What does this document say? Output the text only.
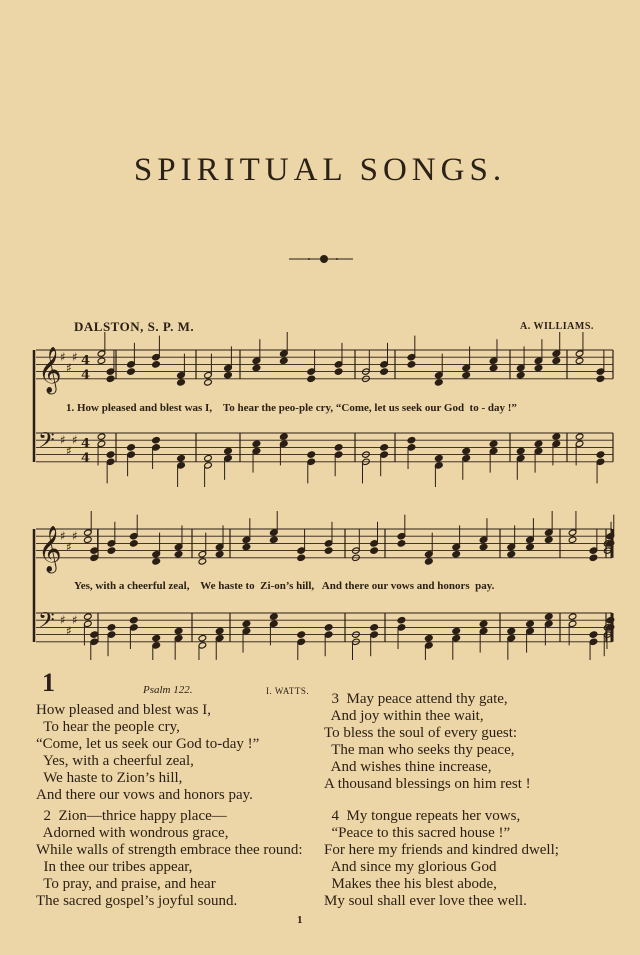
SPIRITUAL SONGS.
DALSTON, S. P. M.	A. WILLIAMS.
𝄞
♯
♯
♯ 4
4
𝄢 ♯
♯
♯ 4
4
𝄞
♯
♯
♯
𝄢 ♯
♯
♯
1. How pleased and blest was I,    To hear the peo-ple cry, “Come, let us seek our God  to - day !”
Yes, with a cheerful zeal,    We haste to  Zi-on’s hill,   And there our vows and honors  pay.
1	Psalm 122.	I. WATTS.
How pleased and blest was I,
To hear the people cry,
“Come, let us seek our God to-day !”
Yes, with a cheerful zeal,
We haste to Zion’s hill,
And there our vows and honors pay.
2  Zion—thrice happy place—
Adorned with wondrous grace,
While walls of strength embrace thee round:
In thee our tribes appear,
To pray, and praise, and hear
The sacred gospel’s joyful sound.
3  May peace attend thy gate,
And joy within thee wait,
To bless the soul of every guest:
The man who seeks thy peace,
And wishes thine increase,
A thousand blessings on him rest !
4  My tongue repeats her vows,
“Peace to this sacred house !”
For here my friends and kindred dwell;
And since my glorious God
Makes thee his blest abode,
My soul shall ever love thee well.
1
